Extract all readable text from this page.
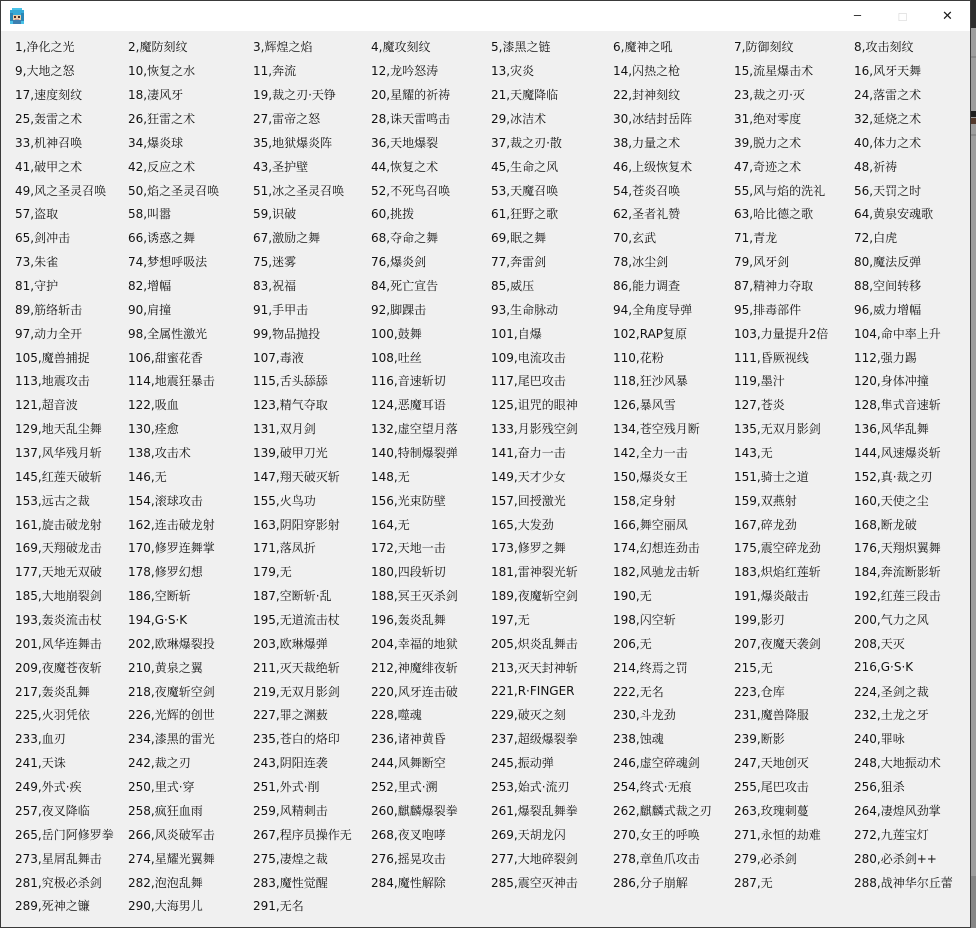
–	□	✕
1,净化之光	2,魔防刻纹	3,辉煌之焰	4,魔攻刻纹	5,漆黑之链	6,魔神之吼	7,防御刻纹	8,攻击刻纹
9,大地之怒	10,恢复之水	11,奔流	12,龙吟怒涛	13,灾炎	14,闪热之枪	15,流星爆击术	16,风牙天舞
17,速度刻纹	18,凄风牙	19,裁之刃·天铮	20,星耀的祈祷	21,天魔降临	22,封神刻纹	23,裁之刃·灭	24,落雷之术
25,轰雷之术	26,狂雷之术	27,雷帝之怒	28,诛天雷鸣击	29,冰洁术	30,冰结封岳阵	31,绝对零度	32,延烧之术
33,机神召唤	34,爆炎球	35,地狱爆炎阵	36,天地爆裂	37,裁之刃·散	38,力量之术	39,脱力之术	40,体力之术
41,破甲之术	42,反应之术	43,圣护壁	44,恢复之术	45,生命之风	46,上级恢复术	47,奇迹之术	48,祈祷
49,风之圣灵召唤	50,焰之圣灵召唤	51,冰之圣灵召唤	52,不死鸟召唤	53,天魔召唤	54,苍炎召唤	55,风与焰的洗礼	56,天罚之时
57,盗取	58,叫嚣	59,识破	60,挑拨	61,狂野之歌	62,圣者礼赞	63,哈比德之歌	64,黄泉安魂歌
65,剑冲击	66,诱惑之舞	67,激励之舞	68,夺命之舞	69,眠之舞	70,玄武	71,青龙	72,白虎
73,朱雀	74,梦想呼吸法	75,迷雾	76,爆炎剑	77,奔雷剑	78,冰尘剑	79,风牙剑	80,魔法反弹
81,守护	82,增幅	83,祝福	84,死亡宣告	85,威压	86,能力调查	87,精神力夺取	88,空间转移
89,筋络斩击	90,肩撞	91,手甲击	92,脚踝击	93,生命脉动	94,全角度导弹	95,排毒部件	96,威力增幅
97,动力全开	98,全属性激光	99,物品抛投	100,鼓舞	101,自爆	102,RAP复原	103,力量提升2倍	104,命中率上升
105,魔兽捕捉	106,甜蜜花香	107,毒液	108,吐丝	109,电流攻击	110,花粉	111,昏厥视线	112,强力踢
113,地震攻击	114,地震狂暴击	115,舌头舔舔	116,音速斩切	117,尾巴攻击	118,狂沙风暴	119,墨汁	120,身体冲撞
121,超音波	122,吸血	123,精气夺取	124,恶魔耳语	125,诅咒的眼神	126,暴风雪	127,苍炎	128,隼式音速斩
129,地天乱尘舞	130,痊愈	131,双月剑	132,虚空望月落	133,月影残空剑	134,苍空残月断	135,无双月影剑	136,风华乱舞
137,风华残月斩	138,攻击术	139,破甲刀光	140,特制爆裂弹	141,奋力一击	142,全力一击	143,无	144,风速爆炎斩
145,红莲天破斩	146,无	147,翔天破灭斩	148,无	149,天才少女	150,爆炎女王	151,骑士之道	152,真·裁之刃
153,远古之裁	154,滚球攻击	155,火鸟功	156,光束防壁	157,回授激光	158,定身射	159,双燕射	160,天使之尘
161,旋击破龙射	162,连击破龙射	163,阴阳穿影射	164,无	165,大发劲	166,舞空丽凤	167,碎龙劲	168,断龙破
169,天翔破龙击	170,修罗连舞掌	171,落凤折	172,天地一击	173,修罗之舞	174,幻想连劲击	175,震空碎龙劲	176,天翔炽翼舞
177,天地无双破	178,修罗幻想	179,无	180,四段斩切	181,雷神裂光斩	182,风驰龙击斩	183,炽焰红莲斩	184,奔流断影斩
185,大地崩裂剑	186,空断斩	187,空断斩·乱	188,冥王灭杀剑	189,夜魔斩空剑	190,无	191,爆炎敲击	192,红莲三段击
193,轰炎流击杖	194,G·S·K	195,无道流击杖	196,轰炎乱舞	197,无	198,闪空斩	199,影刃	200,气力之风
201,风华连舞击	202,欧琳爆裂投	203,欧琳爆弹	204,幸福的地狱	205,炽炎乱舞击	206,无	207,夜魔天袭剑	208,天灭
209,夜魔苍夜斩	210,黄泉之翼	211,灭天裁绝斩	212,神魔绯夜斩	213,灭天封神斩	214,终焉之罚	215,无	216,G·S·K
217,轰炎乱舞	218,夜魔斩空剑	219,无双月影剑	220,风牙连击破	221,R·FINGER	222,无名	223,仓库	224,圣剑之裁
225,火羽凭依	226,光辉的创世	227,罪之渊薮	228,噬魂	229,破灭之刻	230,斗龙劲	231,魔兽降服	232,土龙之牙
233,血刃	234,漆黑的雷光	235,苍白的烙印	236,诸神黄昏	237,超级爆裂拳	238,蚀魂	239,断影	240,罪咏
241,天诛	242,裁之刃	243,阴阳连袭	244,风舞断空	245,振动弹	246,虚空碎魂剑	247,天地创灭	248,大地振动术
249,外式·疾	250,里式·穿	251,外式·削	252,里式·溯	253,始式·流刃	254,终式·无痕	255,尾巴攻击	256,狙杀
257,夜叉降临	258,疯狂血雨	259,风精刺击	260,麒麟爆裂拳	261,爆裂乱舞拳	262,麒麟式裁之刃	263,玫瑰刺蔓	264,凄煌风劲掌
265,岳门阿修罗拳	266,风炎破军击	267,程序员操作无	268,夜叉咆哮	269,天胡龙闪	270,女王的呼唤	271,永恒的劫难	272,九莲宝灯
273,星屑乱舞击	274,星耀光翼舞	275,凄煌之裁	276,摇晃攻击	277,大地碎裂剑	278,章鱼爪攻击	279,必杀剑	280,必杀剑++
281,究极必杀剑	282,泡泡乱舞	283,魔性觉醒	284,魔性解除	285,震空灭神击	286,分子崩解	287,无	288,战神华尔丘蕾
289,死神之镰	290,大海男儿	291,无名
